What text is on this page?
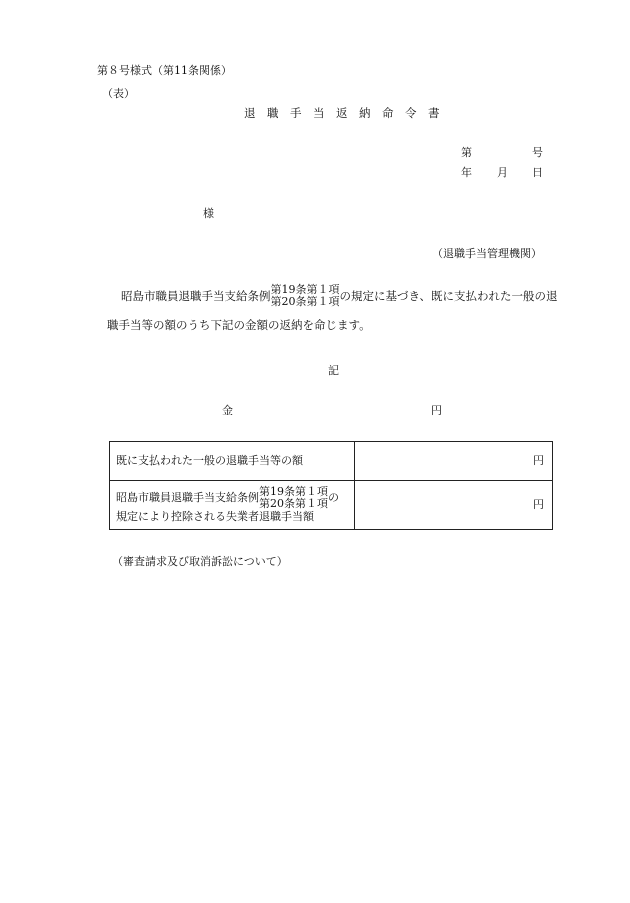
第８号様式（第11条関係）
（表）
退　職　手　当　返　納　命　令　書
第	号
年 月 日
様
（退職手当管理機関）
昭島市職員退職手当支給条例 第19条第１項
第20条第１項 の規定に基づき、既に支払われた一般の退
職手当等の額のうち下記の金額の返納を命じます。
記
金	円
既に支払われた一般の退職手当等の額	円

昭島市職員退職手当支給条例 第19条第１項
第20条第１項 の
規定により控除される失業者退職手当額	円
（審査請求及び取消訴訟について）
